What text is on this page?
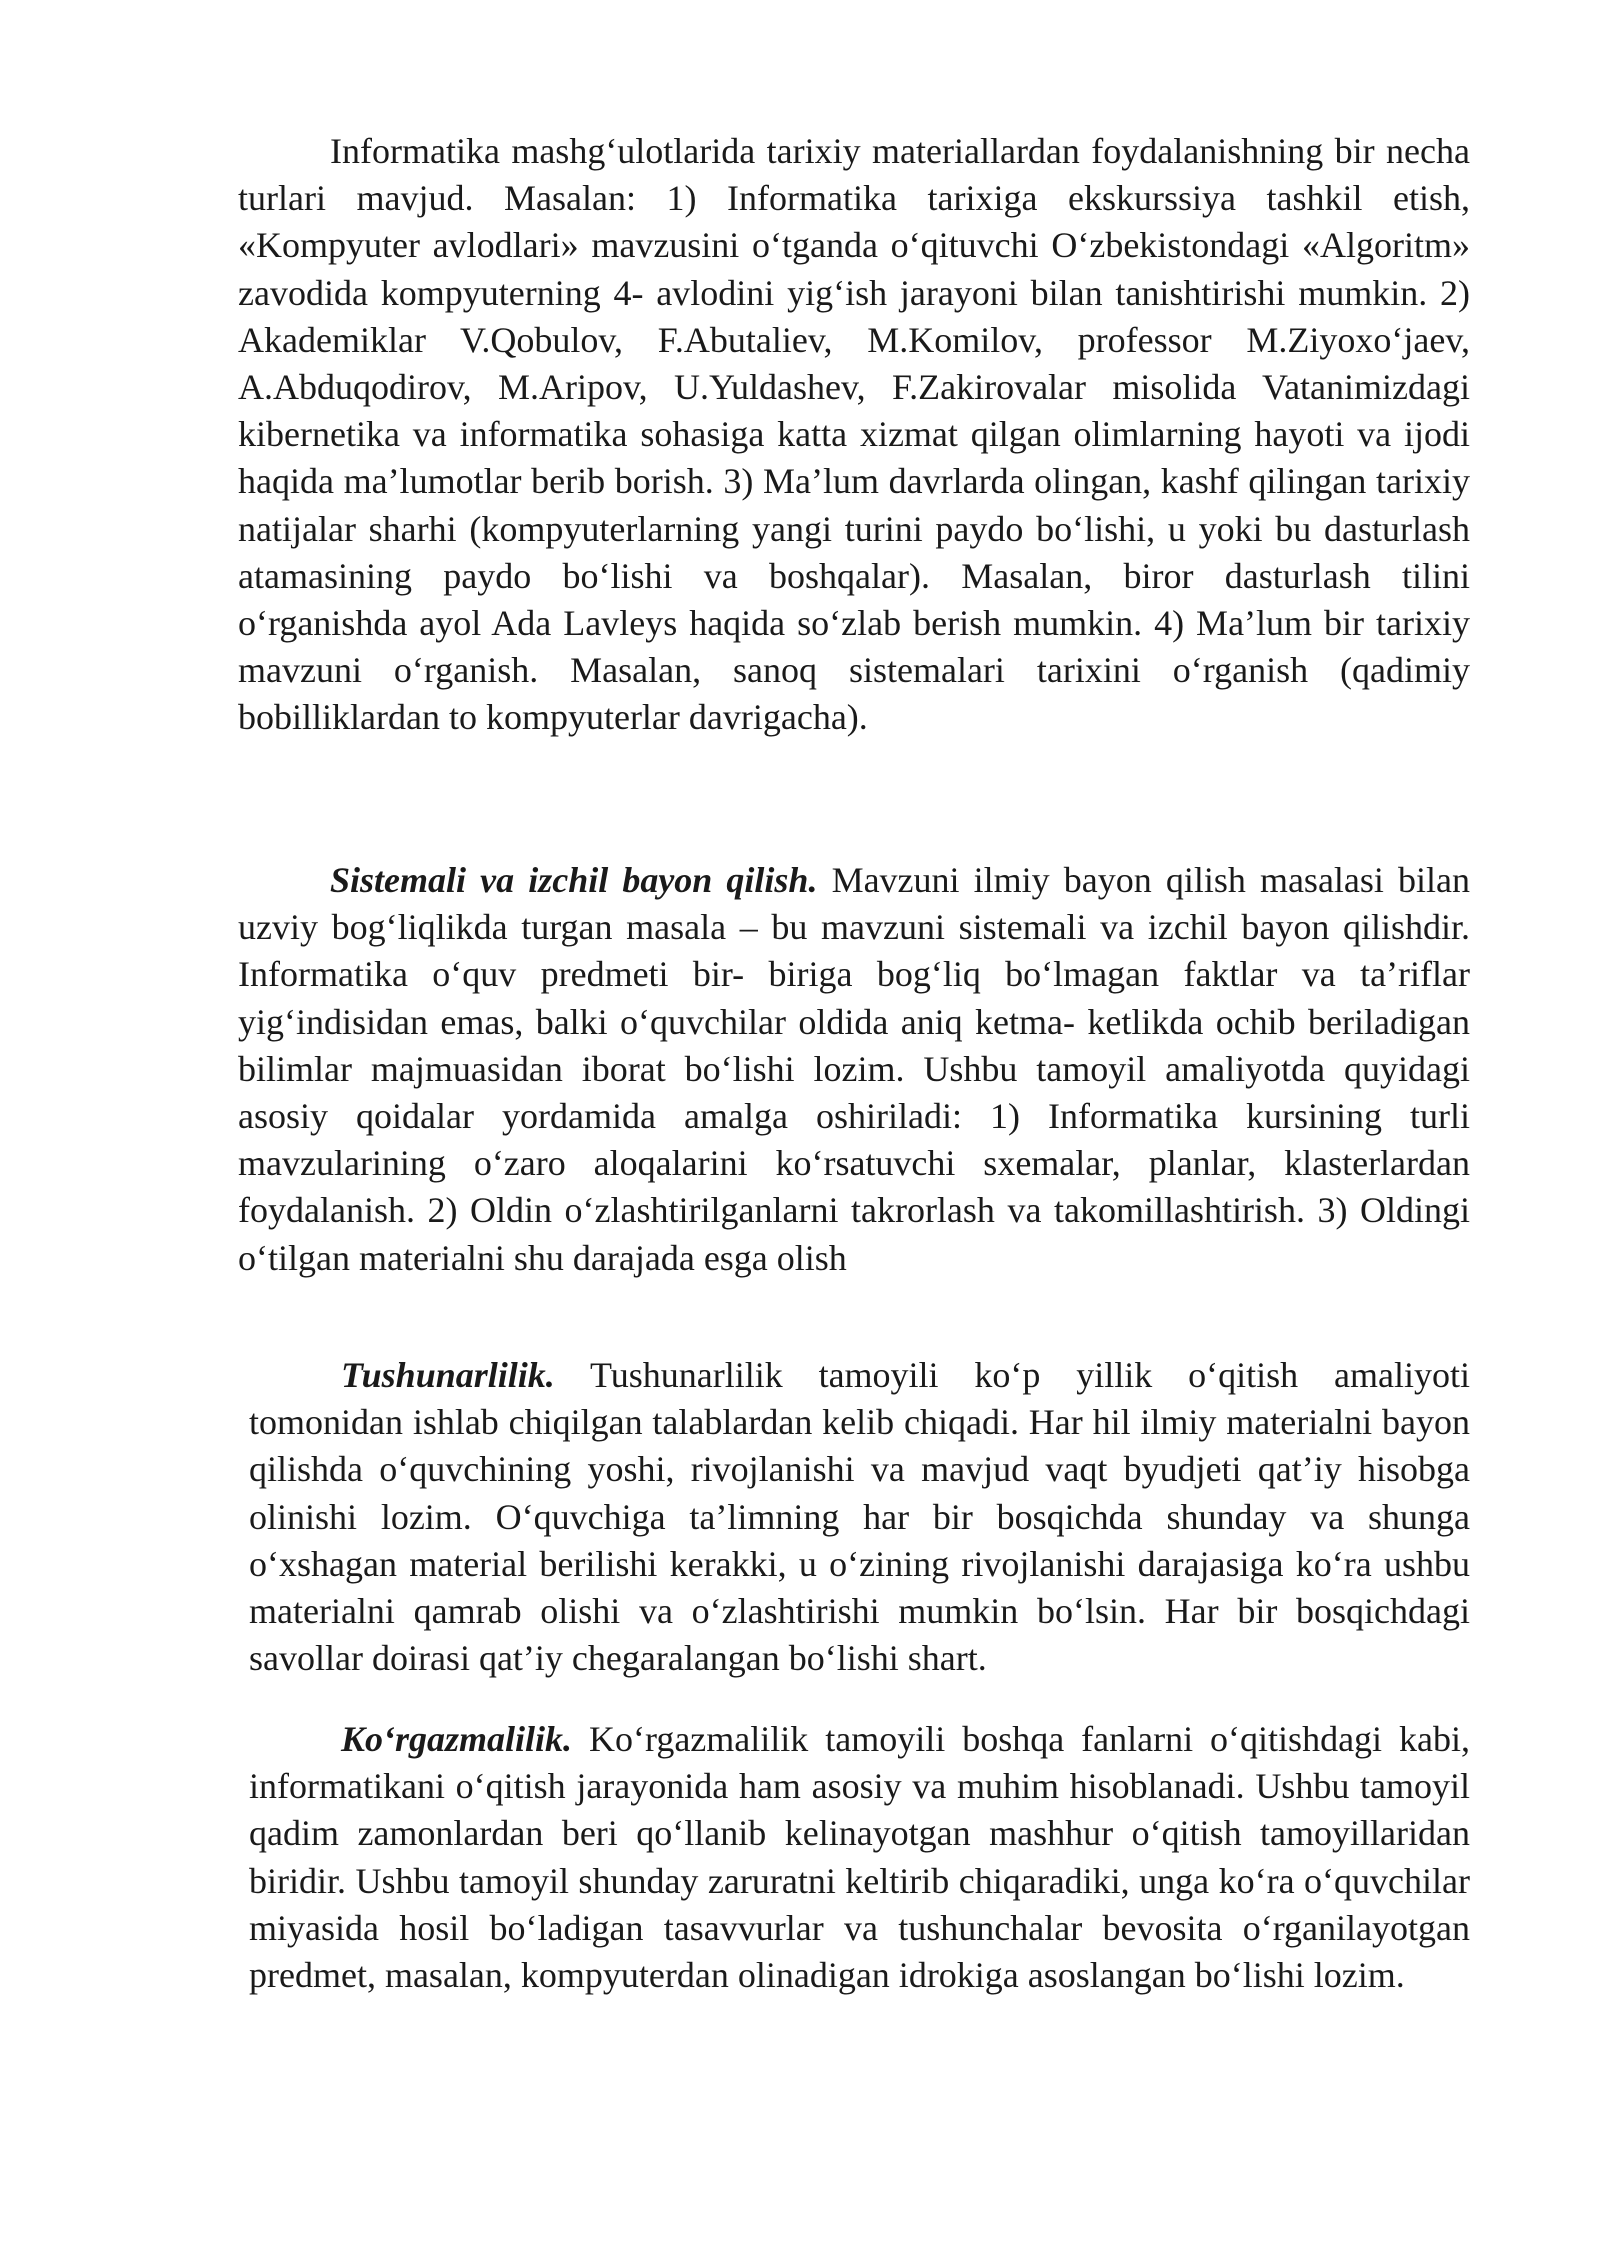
Informatika mashg‘ulotlarida tarixiy materiallardan foydalanishning bir necha turlari mavjud. Masalan: 1) Informatika tarixiga ekskurssiya tashkil etish, «Kompyuter avlodlari» mavzusini o‘tganda o‘qituvchi O‘zbekistondagi «Algoritm» zavodida kompyuterning 4- avlodini yig‘ish jarayoni bilan tanishtirishi mumkin. 2) Akademiklar V.Qobulov, F.Abutaliev, M.Komilov, professor M.Ziyoxo‘jaev, A.Abduqodirov, M.Aripov, U.Yuldashev, F.Zakirovalar misolida Vatanimizdagi kibernetika va informatika sohasiga katta xizmat qilgan olimlarning hayoti va ijodi haqida ma’lumotlar berib borish. 3) Ma’lum davrlarda olingan, kashf qilingan tarixiy natijalar sharhi (kompyuterlarning yangi turini paydo bo‘lishi, u yoki bu dasturlash atamasining paydo bo‘lishi va boshqalar). Masalan, biror dasturlash tilini o‘rganishda ayol Ada Lavleys haqida so‘zlab berish mumkin. 4) Ma’lum bir tarixiy mavzuni o‘rganish. Masalan, sanoq sistemalari tarixini o‘rganish (qadimiy bobilliklardan to kompyuterlar davrigacha).

Sistemali va izchil bayon qilish. Mavzuni ilmiy bayon qilish masalasi bilan uzviy bog‘liqlikda turgan masala – bu mavzuni sistemali va izchil bayon qilishdir. Informatika o‘quv predmeti bir- biriga bog‘liq bo‘lmagan faktlar va ta’riflar yig‘indisidan emas, balki o‘quvchilar oldida aniq ketma- ketlikda ochib beriladigan bilimlar majmuasidan iborat bo‘lishi lozim. Ushbu tamoyil amaliyotda quyidagi asosiy qoidalar yordamida amalga oshiriladi: 1) Informatika kursining turli mavzularining o‘zaro aloqalarini ko‘rsatuvchi sxemalar, planlar, klasterlardan foydalanish. 2) Oldin o‘zlashtirilganlarni takrorlash va takomillashtirish. 3) Oldingi o‘tilgan materialni shu darajada esga olish

Tushunarlilik. Tushunarlilik tamoyili ko‘p yillik o‘qitish amaliyoti tomonidan ishlab chiqilgan talablardan kelib chiqadi. Har hil ilmiy materialni bayon qilishda o‘quvchining yoshi, rivojlanishi va mavjud vaqt byudjeti qat’iy hisobga olinishi lozim. O‘quvchiga ta’limning har bir bosqichda shunday va shunga o‘xshagan material berilishi kerakki, u o‘zining rivojlanishi darajasiga ko‘ra ushbu materialni qamrab olishi va o‘zlashtirishi mumkin bo‘lsin. Har bir bosqichdagi savollar doirasi qat’iy chegaralangan bo‘lishi shart.

Ko‘rgazmalilik. Ko‘rgazmalilik tamoyili boshqa fanlarni o‘qitishdagi kabi, informatikani o‘qitish jarayonida ham asosiy va muhim hisoblanadi. Ushbu tamoyil qadim zamonlardan beri qo‘llanib kelinayotgan mashhur o‘qitish tamoyillaridan biridir. Ushbu tamoyil shunday zaruratni keltirib chiqaradiki, unga ko‘ra o‘quvchilar miyasida hosil bo‘ladigan tasavvurlar va tushunchalar bevosita o‘rganilayotgan predmet, masalan, kompyuterdan olinadigan idrokiga asoslangan bo‘lishi lozim.
